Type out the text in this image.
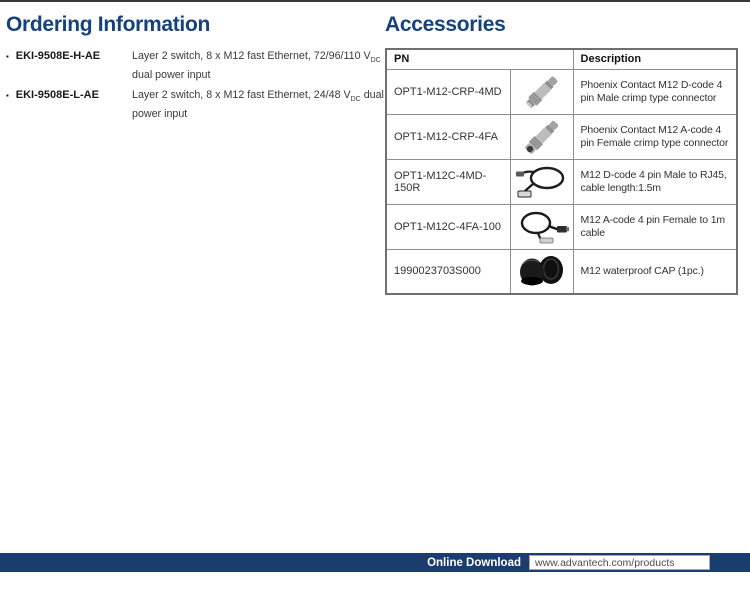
Ordering Information
▪ EKI-9508E-H-AE	Layer 2 switch, 8 x M12 fast Ethernet, 72/96/110 $V_{DC}$ dual power input
▪ EKI-9508E-L-AE	Layer 2 switch, 8 x M12 fast Ethernet, 24/48 $V_{DC}$ dual power input
Accessories
PN		Description
OPT1-M12-CRP-4MD		Phoenix Contact M12 D-code 4 pin Male crimp type connector
OPT1-M12-CRP-4FA		Phoenix Contact M12 A-code 4 pin Female crimp type connector
OPT1-M12C-4MD-150R		M12 D-code 4 pin Male to RJ45, cable length:1.5m
OPT1-M12C-4FA-100		M12 A-code 4 pin Female to 1m cable
1990023703S000		M12 waterproof CAP (1pc.)
Online Download	www.advantech.com/products
